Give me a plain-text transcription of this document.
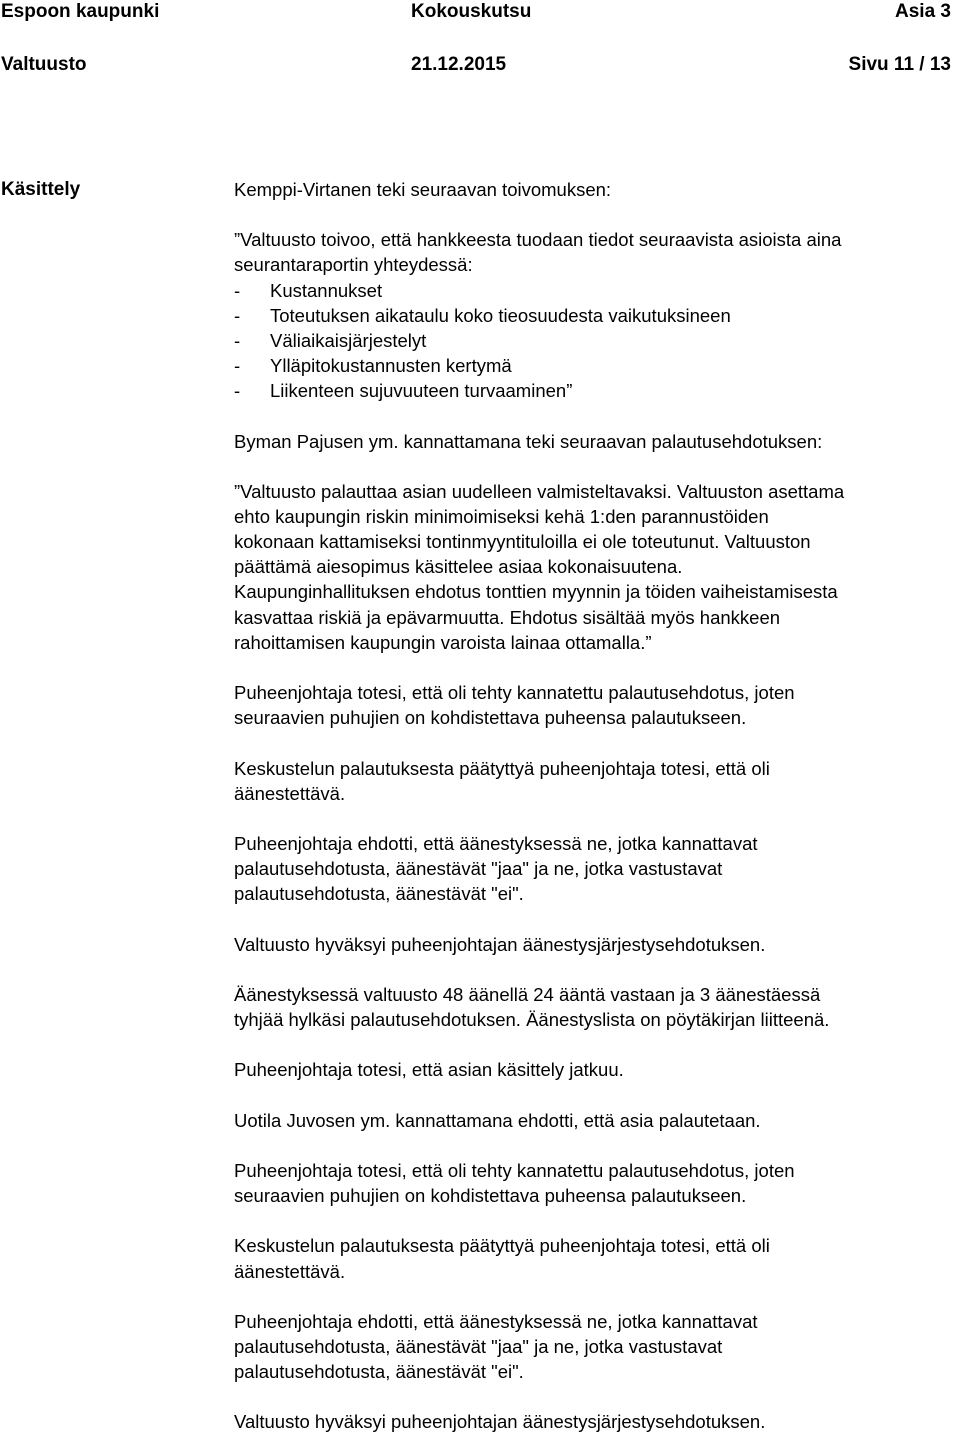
Espoon kaupunki	Kokouskutsu	Asia 3
Valtuusto	21.12.2015	Sivu 11 / 13
Käsittely	Kemppi-Virtanen teki seuraavan toivomuksen:

”Valtuusto toivoo, että hankkeesta tuodaan tiedot seuraavista asioista aina
seurantaraportin yhteydessä:
- Kustannukset
- Toteutuksen aikataulu koko tieosuudesta vaikutuksineen
- Väliaikaisjärjestelyt
- Ylläpitokustannusten kertymä
- Liikenteen sujuvuuteen turvaaminen”

Byman Pajusen ym. kannattamana teki seuraavan palautusehdotuksen:

”Valtuusto palauttaa asian uudelleen valmisteltavaksi. Valtuuston asettama
ehto kaupungin riskin minimoimiseksi kehä 1:den parannustöiden
kokonaan kattamiseksi tontinmyyntituloilla ei ole toteutunut. Valtuuston
päättämä aiesopimus käsittelee asiaa kokonaisuutena.
Kaupunginhallituksen ehdotus tonttien myynnin ja töiden vaiheistamisesta
kasvattaa riskiä ja epävarmuutta. Ehdotus sisältää myös hankkeen
rahoittamisen kaupungin varoista lainaa ottamalla.”
Puheenjohtaja totesi, että oli tehty kannatettu palautusehdotus, joten
seuraavien puhujien on kohdistettava puheensa palautukseen.
Keskustelun palautuksesta päätyttyä puheenjohtaja totesi, että oli
äänestettävä.
Puheenjohtaja ehdotti, että äänestyksessä ne, jotka kannattavat
palautusehdotusta, äänestävät "jaa" ja ne, jotka vastustavat
palautusehdotusta, äänestävät "ei".

Valtuusto hyväksyi puheenjohtajan äänestysjärjestysehdotuksen.

Äänestyksessä valtuusto 48 äänellä 24 ääntä vastaan ja 3 äänestäessä
tyhjää hylkäsi palautusehdotuksen. Äänestyslista on pöytäkirjan liitteenä.

Puheenjohtaja totesi, että asian käsittely jatkuu.

Uotila Juvosen ym. kannattamana ehdotti, että asia palautetaan.

Puheenjohtaja totesi, että oli tehty kannatettu palautusehdotus, joten
seuraavien puhujien on kohdistettava puheensa palautukseen.
Keskustelun palautuksesta päätyttyä puheenjohtaja totesi, että oli
äänestettävä.
Puheenjohtaja ehdotti, että äänestyksessä ne, jotka kannattavat
palautusehdotusta, äänestävät "jaa" ja ne, jotka vastustavat
palautusehdotusta, äänestävät "ei".

Valtuusto hyväksyi puheenjohtajan äänestysjärjestysehdotuksen.
